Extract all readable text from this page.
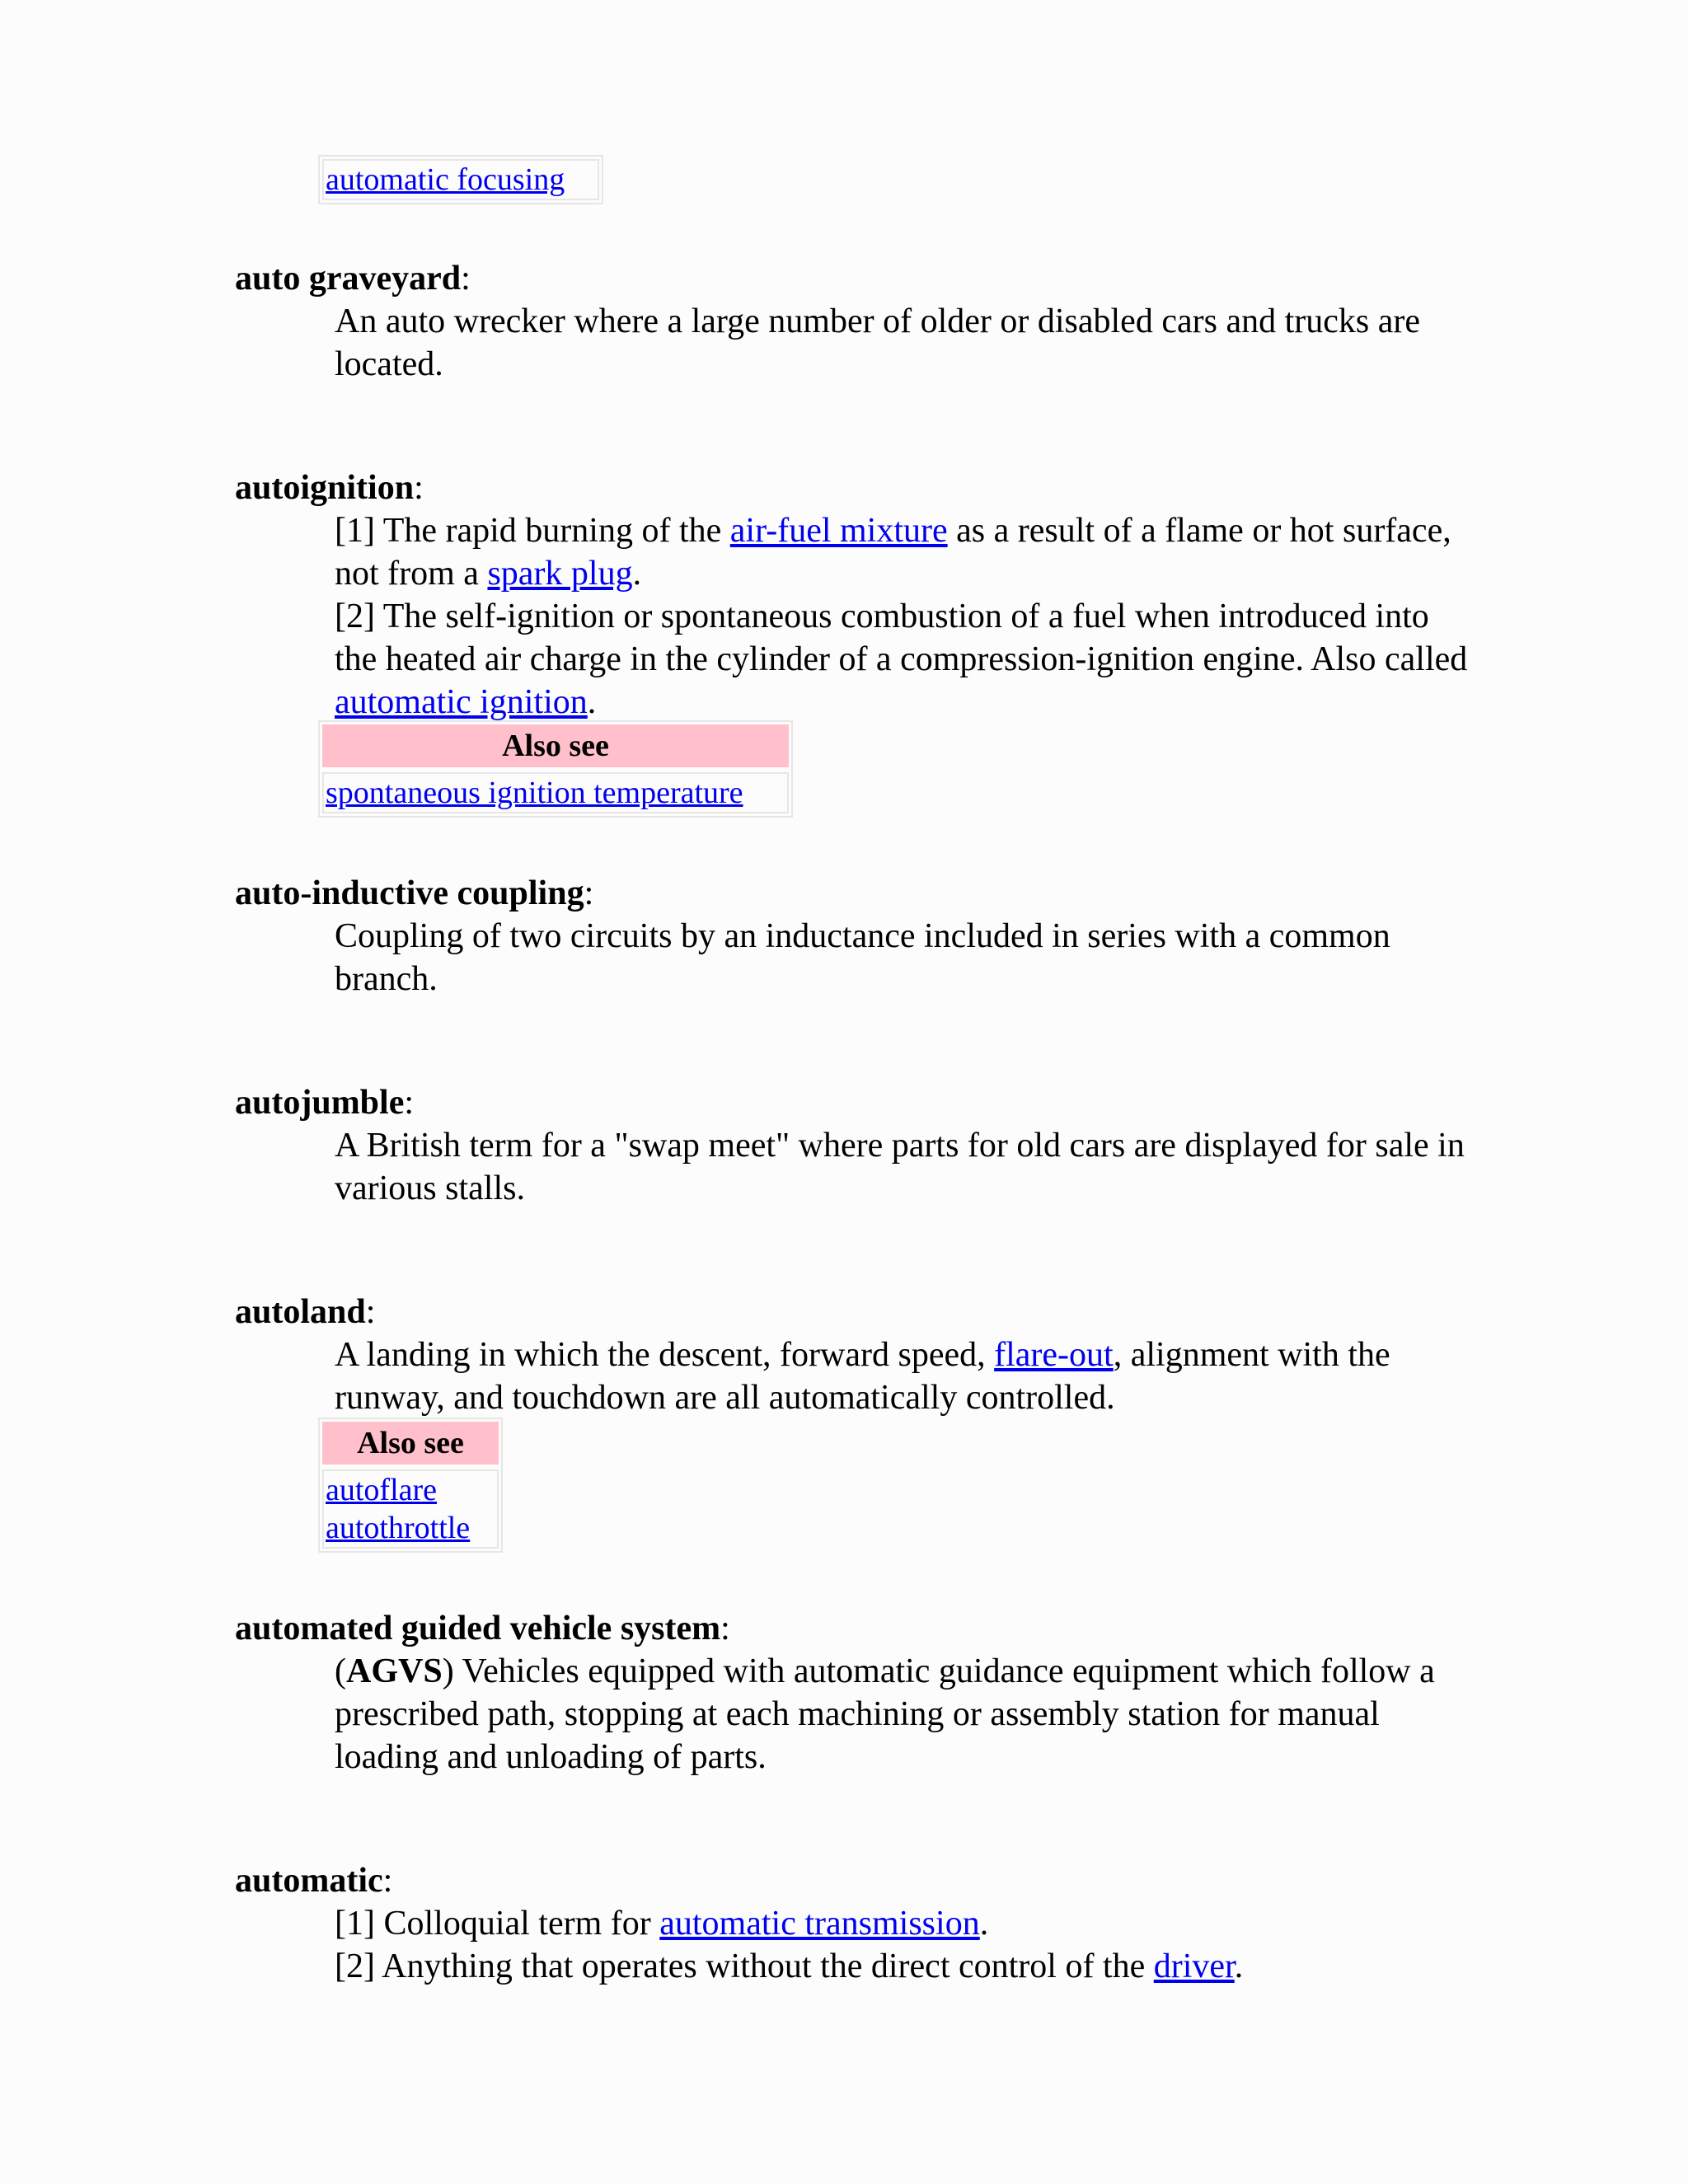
automatic focusing
auto graveyard:

An auto wrecker where a large number of older or disabled cars and trucks are located.

autoignition:

[1] The rapid burning of the air-fuel mixture as a result of a flame or hot surface, not from a spark plug.

[2] The self-ignition or spontaneous combustion of a fuel when introduced into the heated air charge in the cylinder of a compression-ignition engine. Also called automatic ignition.

Also see
spontaneous ignition temperature
auto-inductive coupling:

Coupling of two circuits by an inductance included in series with a common branch.

autojumble:

A British term for a "swap meet" where parts for old cars are displayed for sale in various stalls.

autoland:

A landing in which the descent, forward speed, flare-out, alignment with the runway, and touchdown are all automatically controlled.

Also see
autoflare
autothrottle
automated guided vehicle system:

(AGVS) Vehicles equipped with automatic guidance equipment which follow a prescribed path, stopping at each machining or assembly station for manual loading and unloading of parts.

automatic:

[1] Colloquial term for automatic transmission.

[2] Anything that operates without the direct control of the driver.
